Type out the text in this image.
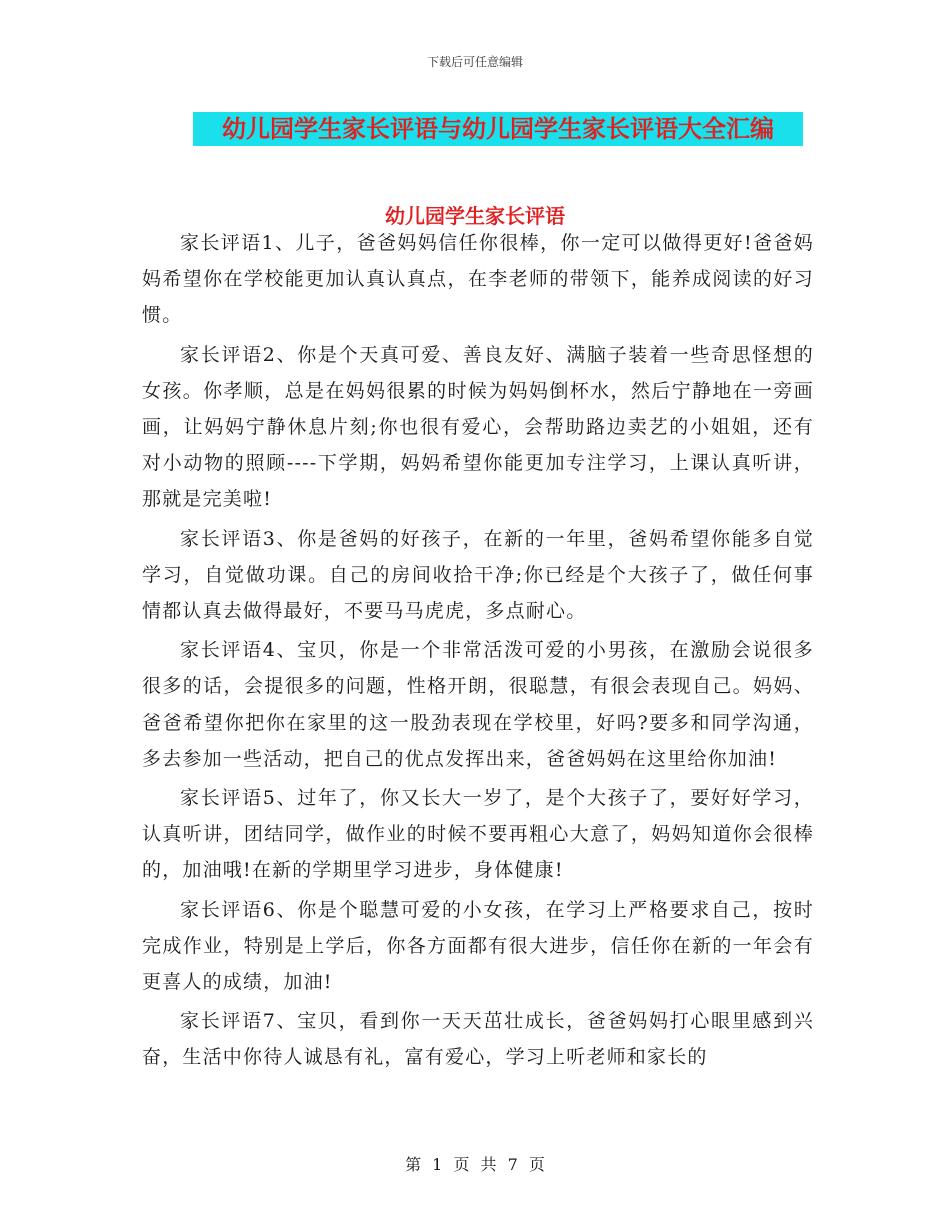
下载后可任意编辑
幼儿园学生家长评语与幼儿园学生家长评语大全汇编
幼儿园学生家长评语

家长评语1、儿子，爸爸妈妈信任你很棒，你一定可以做得更好!爸爸妈妈希望你在学校能更加认真认真点，在李老师的带领下，能养成阅读的好习惯。

家长评语2、你是个天真可爱、善良友好、满脑子装着一些奇思怪想的女孩。你孝顺，总是在妈妈很累的时候为妈妈倒杯水，然后宁静地在一旁画画，让妈妈宁静休息片刻;你也很有爱心，会帮助路边卖艺的小姐姐，还有对小动物的照顾----下学期，妈妈希望你能更加专注学习，上课认真听讲，那就是完美啦!

家长评语3、你是爸妈的好孩子，在新的一年里，爸妈希望你能多自觉学习，自觉做功课。自己的房间收拾干净;你已经是个大孩子了，做任何事情都认真去做得最好，不要马马虎虎，多点耐心。

家长评语4、宝贝，你是一个非常活泼可爱的小男孩，在激励会说很多很多的话，会提很多的问题，性格开朗，很聪慧，有很会表现自己。妈妈、爸爸希望你把你在家里的这一股劲表现在学校里，好吗?要多和同学沟通，多去参加一些活动，把自己的优点发挥出来，爸爸妈妈在这里给你加油!

家长评语5、过年了，你又长大一岁了，是个大孩子了，要好好学习，认真听讲，团结同学，做作业的时候不要再粗心大意了，妈妈知道你会很棒的，加油哦!在新的学期里学习进步，身体健康!

家长评语6、你是个聪慧可爱的小女孩，在学习上严格要求自己，按时完成作业，特别是上学后，你各方面都有很大进步，信任你在新的一年会有更喜人的成绩，加油!

家长评语7、宝贝，看到你一天天茁壮成长，爸爸妈妈打心眼里感到兴奋，生活中你待人诚恳有礼，富有爱心，学习上听老师和家长的

第 1 页 共 7 页
